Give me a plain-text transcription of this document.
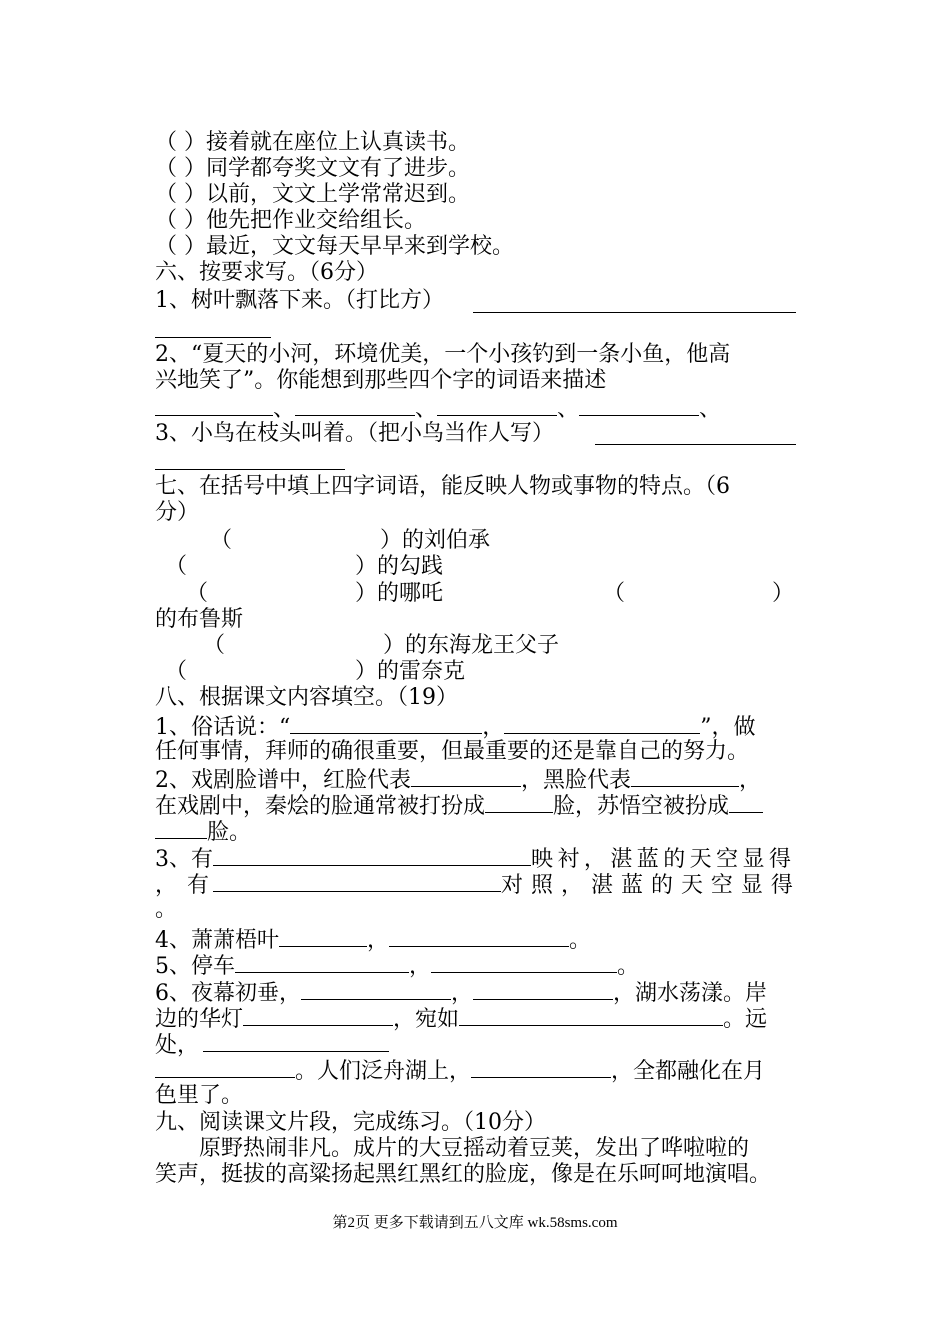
（ ）接着就在座位上认真读书。
（ ）同学都夸奖文文有了进步。
（ ）以前，文文上学常常迟到。
（ ）他先把作业交给组长。
（ ）最近，文文每天早早来到学校。
六、按要求写。（6分）
1、树叶飘落下来。（打比方）
2、“夏天的小河，环境优美，一个小孩钓到一条小鱼，他高
兴地笑了”。你能想到那些四个字的词语来描述
、	、	、	、
3、小鸟在枝头叫着。（把小鸟当作人写）
七、在括号中填上四字词语，能反映人物或事物的特点。（6
分）
（	）的刘伯承
（	）的勾践
（	）的哪吒	（	）
的布鲁斯
（	）的东海龙王父子
（	）的雷奈克
八、根据课文内容填空。（19）
1、俗话说：“	，	”，做
任何事情，拜师的确很重要，但最重要的还是靠自己的努力。
2、戏剧脸谱中，红脸代表	，黑脸代表	，
在戏剧中，秦烩的脸通常被打扮成	脸，苏悟空被扮成
脸。
3、有	映 衬 ， 湛 蓝 的 天 空 显 得
， 有	对 照 ， 湛 蓝 的 天 空 显 得
。
4、萧萧梧叶	，	。
5、停车	，	。
6、夜幕初垂，	，	，湖水荡漾。岸
边的华灯	，宛如	。远
处，
。人们泛舟湖上，	，全都融化在月
色里了。
九、阅读课文片段，完成练习。（10分）
原野热闹非凡。成片的大豆摇动着豆荚，发出了哗啦啦的
笑声，挺拔的高粱扬起黑红黑红的脸庞，像是在乐呵呵地演唱。
第2页 更多下载请到五八文库 wk.58sms.com
